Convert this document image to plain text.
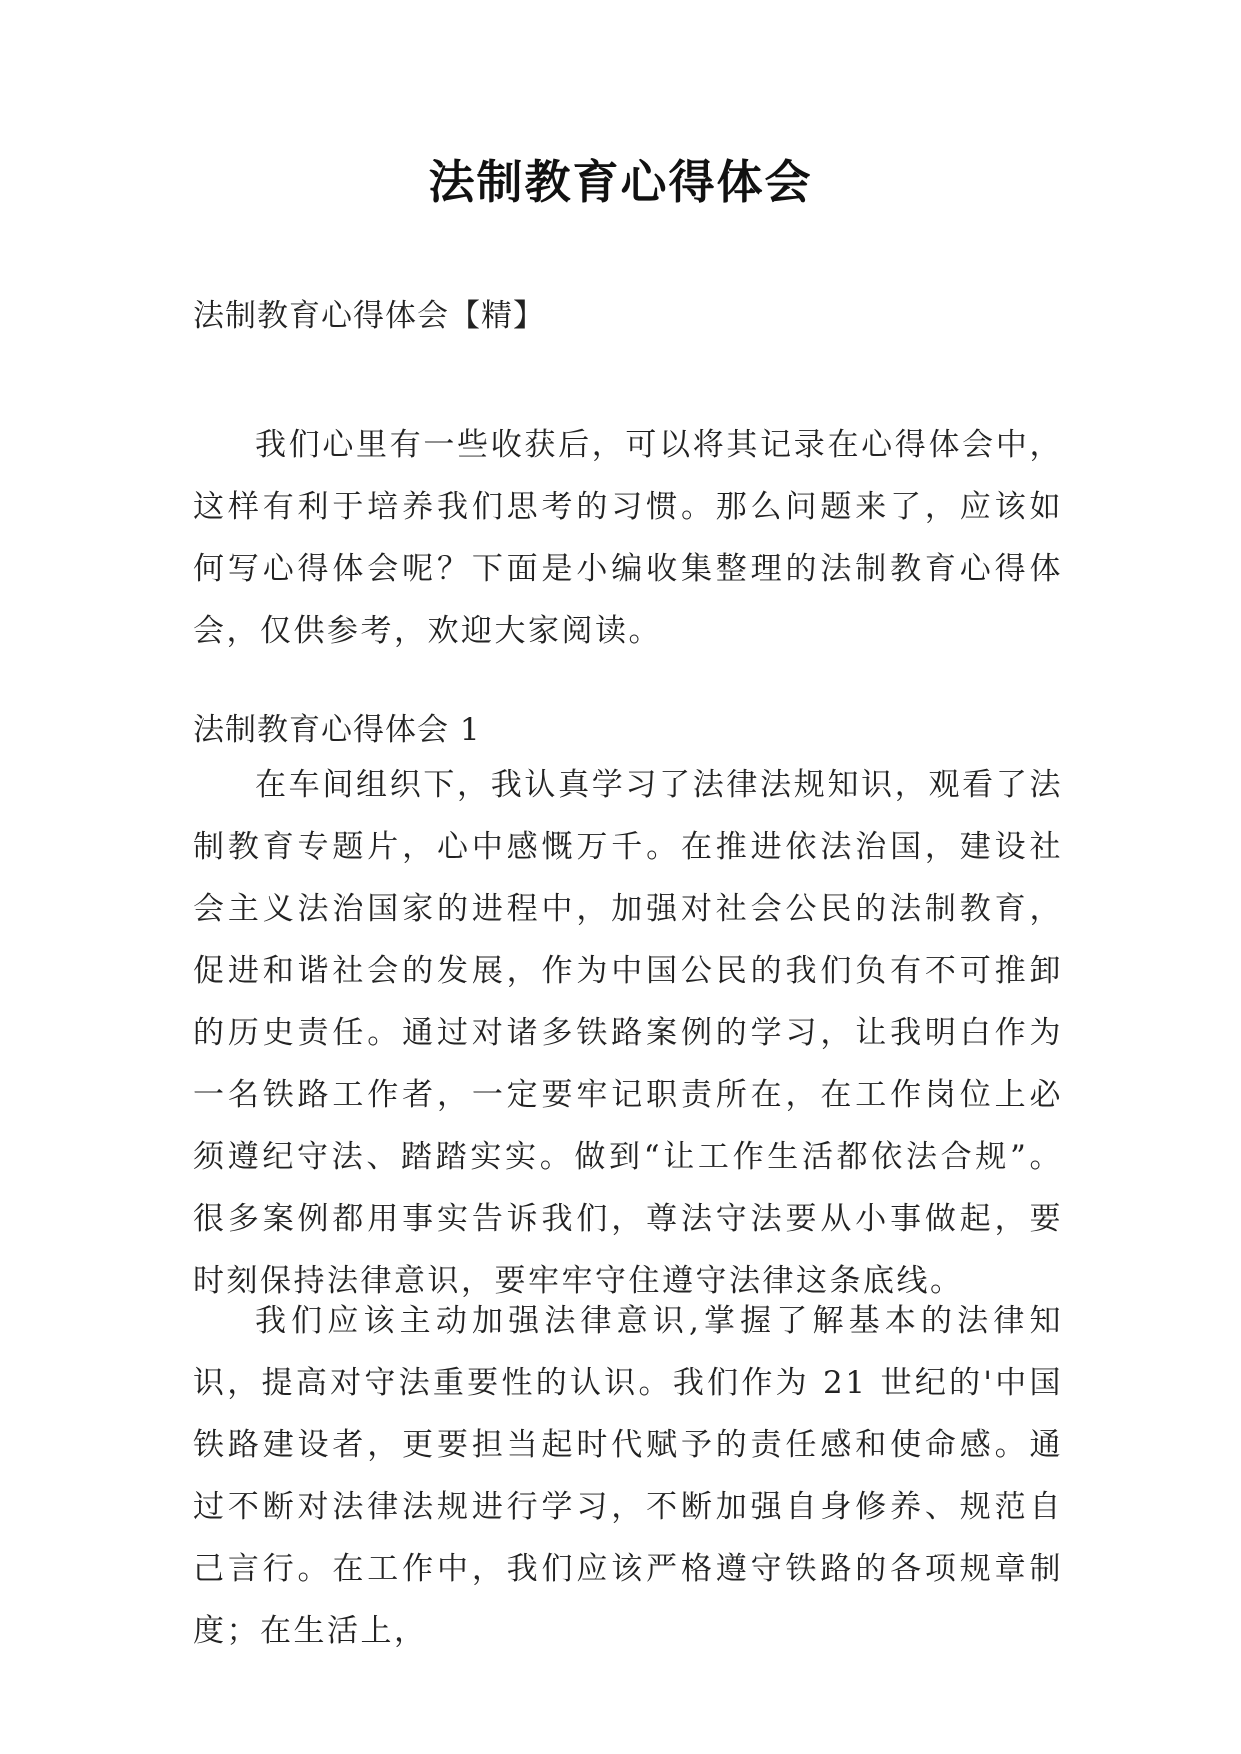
法制教育心得体会

法制教育心得体会【精】

我们心里有一些收获后，可以将其记录在心得体会中，这样有利于培养我们思考的习惯。那么问题来了，应该如何写心得体会呢？下面是小编收集整理的法制教育心得体会，仅供参考，欢迎大家阅读。

法制教育心得体会 1

在车间组织下，我认真学习了法律法规知识，观看了法制教育专题片，心中感慨万千。在推进依法治国，建设社会主义法治国家的进程中，加强对社会公民的法制教育，促进和谐社会的发展，作为中国公民的我们负有不可推卸的历史责任。通过对诸多铁路案例的学习，让我明白作为一名铁路工作者，一定要牢记职责所在，在工作岗位上必须遵纪守法、踏踏实实。做到“让工作生活都依法合规”。很多案例都用事实告诉我们，尊法守法要从小事做起，要时刻保持法律意识，要牢牢守住遵守法律这条底线。

我们应该主动加强法律意识,掌握了解基本的法律知识，提高对守法重要性的认识。我们作为 21 世纪的'中国铁路建设者，更要担当起时代赋予的责任感和使命感。通过不断对法律法规进行学习，不断加强自身修养、规范自己言行。在工作中，我们应该严格遵守铁路的各项规章制度；在生活上，
